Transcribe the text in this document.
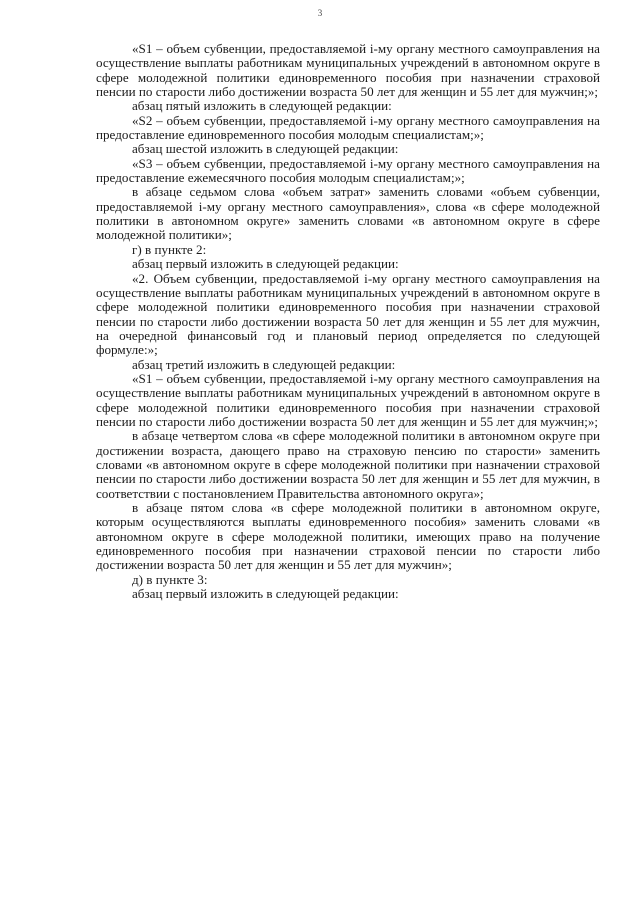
3

«S1 – объем субвенции, предоставляемой i-му органу местного самоуправления на осуществление выплаты работникам муниципальных учреждений в автономном округе в сфере молодежной политики единовременного пособия при назначении страховой пенсии по старости либо достижении возраста 50 лет для женщин и 55 лет для мужчин;»;

абзац пятый изложить в следующей редакции:

«S2 – объем субвенции, предоставляемой i-му органу местного самоуправления на предоставление единовременного пособия молодым специалистам;»;

абзац шестой изложить в следующей редакции:

«S3 – объем субвенции, предоставляемой i-му органу местного самоуправления на предоставление ежемесячного пособия молодым специалистам;»;

в абзаце седьмом слова «объем затрат» заменить словами «объем субвенции, предоставляемой i-му органу местного самоуправления», слова «в сфере молодежной политики в автономном округе» заменить словами «в автономном округе в сфере молодежной политики»;

г) в пункте 2:

абзац первый изложить в следующей редакции:

«2. Объем субвенции, предоставляемой i-му органу местного самоуправления на осуществление выплаты работникам муниципальных учреждений в автономном округе в сфере молодежной политики единовременного пособия при назначении страховой пенсии по старости либо достижении возраста 50 лет для женщин и 55 лет для мужчин, на очередной финансовый год и плановый период определяется по следующей формуле:»;

абзац третий изложить в следующей редакции:

«S1 – объем субвенции, предоставляемой i-му органу местного самоуправления на осуществление выплаты работникам муниципальных учреждений в автономном округе в сфере молодежной политики единовременного пособия при назначении страховой пенсии по старости либо достижении возраста 50 лет для женщин и 55 лет для мужчин;»;

в абзаце четвертом слова «в сфере молодежной политики в автономном округе при достижении возраста, дающего право на страховую пенсию по старости» заменить словами «в автономном округе в сфере молодежной политики при назначении страховой пенсии по старости либо достижении возраста 50 лет для женщин и 55 лет для мужчин, в соответствии с постановлением Правительства автономного округа»;

в абзаце пятом слова «в сфере молодежной политики в автономном округе, которым осуществляются выплаты единовременного пособия» заменить словами «в автономном округе в сфере молодежной политики, имеющих право на получение единовременного пособия при назначении страховой пенсии по старости либо достижении возраста 50 лет для женщин и 55 лет для мужчин»;

д) в пункте 3:

абзац первый изложить в следующей редакции:
